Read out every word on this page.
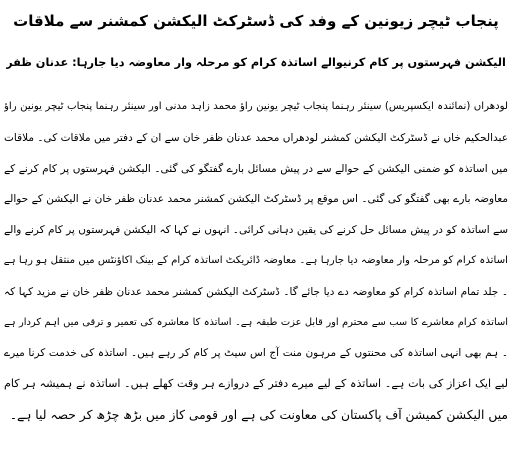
پنجاب ٹیچر زیونین کے وفد کی ڈسٹرکٹ الیکشن کمشنر سے ملاقات
الیکشن فہرستوں پر کام کرنیوالے اساتذہ کرام کو مرحلہ وار معاوضہ دیا جارہا: عدنان ظفر
لودھراں (نمائندہ ایکسپریس) سینئر رہنما پنجاب ٹیچر یونین راؤ محمد زاہد مدنی اور سینئر رہنما پنجاب ٹیچر یونین راؤ
عبدالحکیم خاں نے ڈسٹرکٹ الیکشن کمشنر لودھراں محمد عدنان ظفر خان سے ان کے دفتر میں ملاقات کی۔ ملاقات
میں اساتذہ کو ضمنی الیکشن کے حوالے سے در پیش مسائل بارے گفتگو کی گئی۔ الیکشن فہرستوں پر کام کرنے کے
معاوضہ بارے بھی گفتگو کی گئی۔ اس موقع پر ڈسٹرکٹ الیکشن کمشنر محمد عدنان ظفر خان نے الیکشن کے حوالے
سے اساتذہ کو در پیش مسائل حل کرنے کی یقین دہانی کرائی۔ انہوں نے کہا کہ الیکشن فہرستوں پر کام کرنے والے
اساتذہ کرام کو مرحلہ وار معاوضہ دیا جارہا ہے۔ معاوضہ ڈائریکٹ اساتذہ کرام کے بینک اکاؤنٹس میں منتقل ہو رہا ہے
۔ جلد تمام اساتذہ کرام کو معاوضہ دے دیا جائے گا۔ ڈسٹرکٹ الیکشن کمشنر محمد عدنان ظفر خان نے مزید کہا کہ
اساتذہ کرام معاشرے کا سب سے محترم اور قابل عزت طبقہ ہے۔ اساتذہ کا معاشرہ کی تعمیر و ترقی میں اہم کردار ہے
۔ ہم بھی انہی اساتذہ کی محنتوں کے مرہون منت آج اس سیٹ پر کام کر رہے ہیں۔ اساتذہ کی خدمت کرنا میرے
لیے ایک اعزاز کی بات ہے۔ اساتذہ کے لیے میرے دفتر کے دروازے ہر وقت کھلے ہیں۔ اساتذہ نے ہمیشہ ہر کام
میں الیکشن کمیشن آف پاکستان کی معاونت کی ہے اور قومی کاز میں بڑھ چڑھ کر حصہ لیا ہے۔
